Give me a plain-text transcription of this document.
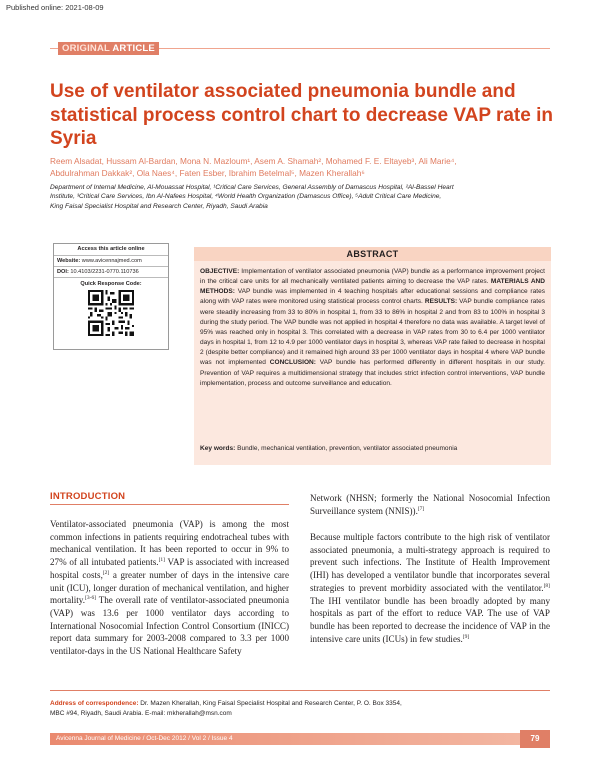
Published online: 2021-08-09
ORIGINAL ARTICLE
Use of ventilator associated pneumonia bundle and statistical process control chart to decrease VAP rate in Syria
Reem Alsadat, Hussam Al-Bardan, Mona N. Mazloum¹, Asem A. Shamah², Mohamed F. E. Eltayeb³, Ali Marie⁴,
Abdulrahman Dakkak², Ola Naes⁴, Faten Esber, Ibrahim Betelmal⁵, Mazen Kherallah⁶
Department of Internal Medicine, Al-Mouassat Hospital, ¹Critical Care Services, General Assembly of Damascus Hospital, ²Al-Bassel Heart
Institute, ³Critical Care Services, Ibn Al-Nafees Hospital, ⁴World Health Organization (Damascus Office), ⁵Adult Critical Care Medicine,
King Faisal Specialist Hospital and Research Center, Riyadh, Saudi Arabia
Access this article online
Website: www.avicennajmed.com
DOI: 10.4103/2231-0770.110736
Quick Response Code:
ABSTRACT
OBJECTIVE: Implementation of ventilator associated pneumonia (VAP) bundle as a performance improvement project in the critical care units for all mechanically ventilated patients aiming to decrease the VAP rates. MATERIALS AND METHODS: VAP bundle was implemented in 4 teaching hospitals after educational sessions and compliance rates along with VAP rates were monitored using statistical process control charts. RESULTS: VAP bundle compliance rates were steadily increasing from 33 to 80% in hospital 1, from 33 to 86% in hospital 2 and from 83 to 100% in hospital 3 during the study period. The VAP bundle was not applied in hospital 4 therefore no data was available. A target level of 95% was reached only in hospital 3. This correlated with a decrease in VAP rates from 30 to 6.4 per 1000 ventilator days in hospital 1, from 12 to 4.9 per 1000 ventilator days in hospital 3, whereas VAP rate failed to decrease in hospital 2 (despite better compliance) and it remained high around 33 per 1000 ventilator days in hospital 4 where VAP bundle was not implemented CONCLUSION: VAP bundle has performed differently in different hospitals in our study. Prevention of VAP requires a multidimensional strategy that includes strict infection control interventions, VAP bundle implementation, process and outcome surveillance and education.
Key words: Bundle, mechanical ventilation, prevention, ventilator associated pneumonia
INTRODUCTION
Ventilator-associated pneumonia (VAP) is among the most common infections in patients requiring endotracheal tubes with mechanical ventilation. It has been reported to occur in 9% to 27% of all intubated patients.[1] VAP is associated with increased hospital costs,[2] a greater number of days in the intensive care unit (ICU), longer duration of mechanical ventilation, and higher mortality.[3-6] The overall rate of ventilator-associated pneumonia (VAP) was 13.6 per 1000 ventilator days according to International Nosocomial Infection Control Consortium (INICC) report data summary for 2003-2008 compared to 3.3 per 1000 ventilator-days in the US National Healthcare Safety
Network (NHSN; formerly the National Nosocomial Infection Surveillance system (NNIS)).[7]
Because multiple factors contribute to the high risk of ventilator associated pneumonia, a multi-strategy approach is required to prevent such infections. The Institute of Health Improvement (IHI) has developed a ventilator bundle that incorporates several strategies to prevent morbidity associated with the ventilator.[8] The IHI ventilator bundle has been broadly adopted by many hospitals as part of the effort to reduce VAP. The use of VAP bundle has been reported to decrease the incidence of VAP in the intensive care units (ICUs) in few studies.[9]
Address of correspondence: Dr. Mazen Kherallah, King Faisal Specialist Hospital and Research Center, P. O. Box 3354,
MBC #94, Riyadh, Saudi Arabia. E-mail: mkherallah@msn.com
Avicenna Journal of Medicine / Oct-Dec 2012 / Vol 2 / Issue 4	79
